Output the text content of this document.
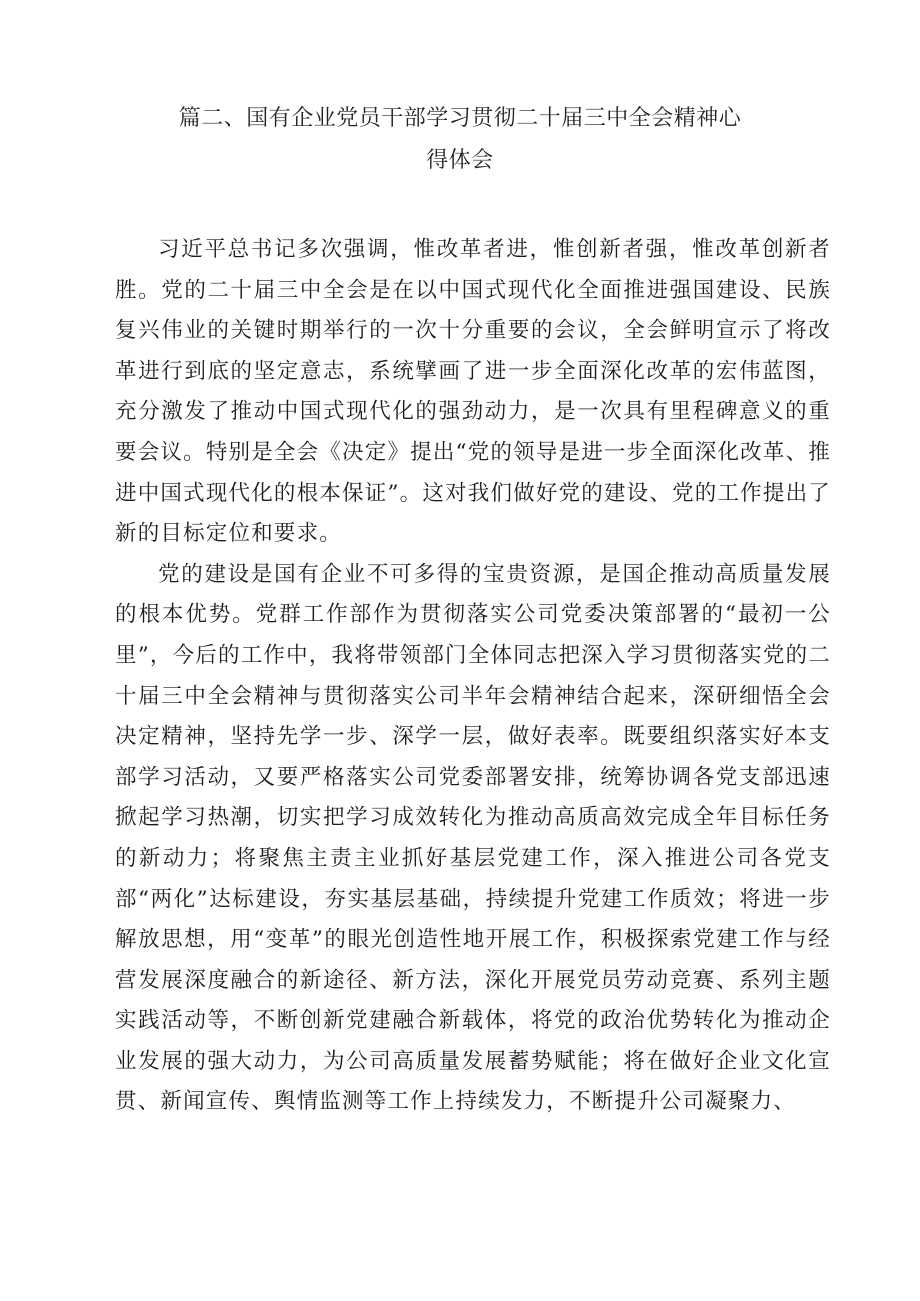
篇二、国有企业党员干部学习贯彻二十届三中全会精神心
得体会

习近平总书记多次强调，惟改革者进，惟创新者强，惟改革创新者胜。党的二十届三中全会是在以中国式现代化全面推进强国建设、民族复兴伟业的关键时期举行的一次十分重要的会议，全会鲜明宣示了将改革进行到底的坚定意志，系统擘画了进一步全面深化改革的宏伟蓝图，充分激发了推动中国式现代化的强劲动力，是一次具有里程碑意义的重要会议。特别是全会《决定》提出“党的领导是进一步全面深化改革、推进中国式现代化的根本保证”。这对我们做好党的建设、党的工作提出了新的目标定位和要求。

党的建设是国有企业不可多得的宝贵资源，是国企推动高质量发展的根本优势。党群工作部作为贯彻落实公司党委决策部署的“最初一公里”，今后的工作中，我将带领部门全体同志把深入学习贯彻落实党的二十届三中全会精神与贯彻落实公司半年会精神结合起来，深研细悟全会决定精神，坚持先学一步、深学一层，做好表率。既要组织落实好本支部学习活动，又要严格落实公司党委部署安排，统筹协调各党支部迅速掀起学习热潮，切实把学习成效转化为推动高质高效完成全年目标任务的新动力；将聚焦主责主业抓好基层党建工作，深入推进公司各党支部“两化”达标建设，夯实基层基础，持续提升党建工作质效；将进一步解放思想，用“变革”的眼光创造性地开展工作，积极探索党建工作与经营发展深度融合的新途径、新方法，深化开展党员劳动竞赛、系列主题实践活动等，不断创新党建融合新载体，将党的政治优势转化为推动企业发展的强大动力，为公司高质量发展蓄势赋能；将在做好企业文化宣贯、新闻宣传、舆情监测等工作上持续发力，不断提升公司凝聚力、
